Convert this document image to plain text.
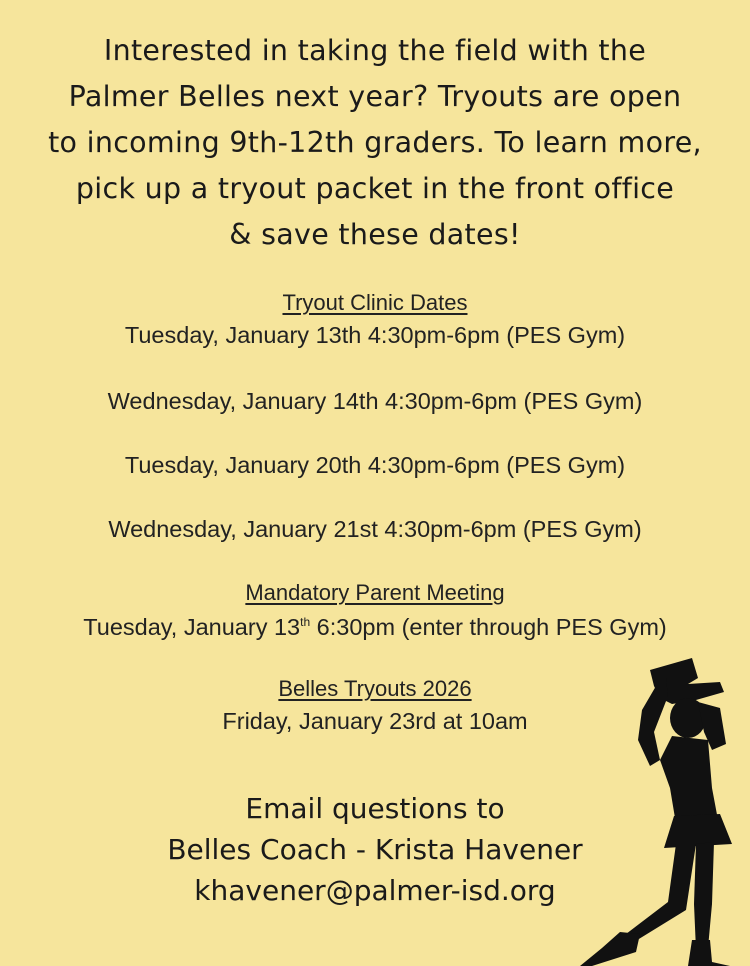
Interested in taking the field with the
Palmer Belles next year? Tryouts are open
to incoming 9th-12th graders. To learn more,
pick up a tryout packet in the front office
& save these dates!
Tryout Clinic Dates
Tuesday, January 13th 4:30pm-6pm (PES Gym)
Wednesday, January 14th 4:30pm-6pm (PES Gym)
Tuesday, January 20th 4:30pm-6pm (PES Gym)
Wednesday, January 21st 4:30pm-6pm (PES Gym)
Mandatory Parent Meeting
Tuesday, January 13th 6:30pm (enter through PES Gym)
Belles Tryouts 2026
Friday, January 23rd at 10am
Email questions to
Belles Coach - Krista Havener
khavener@palmer-isd.org
